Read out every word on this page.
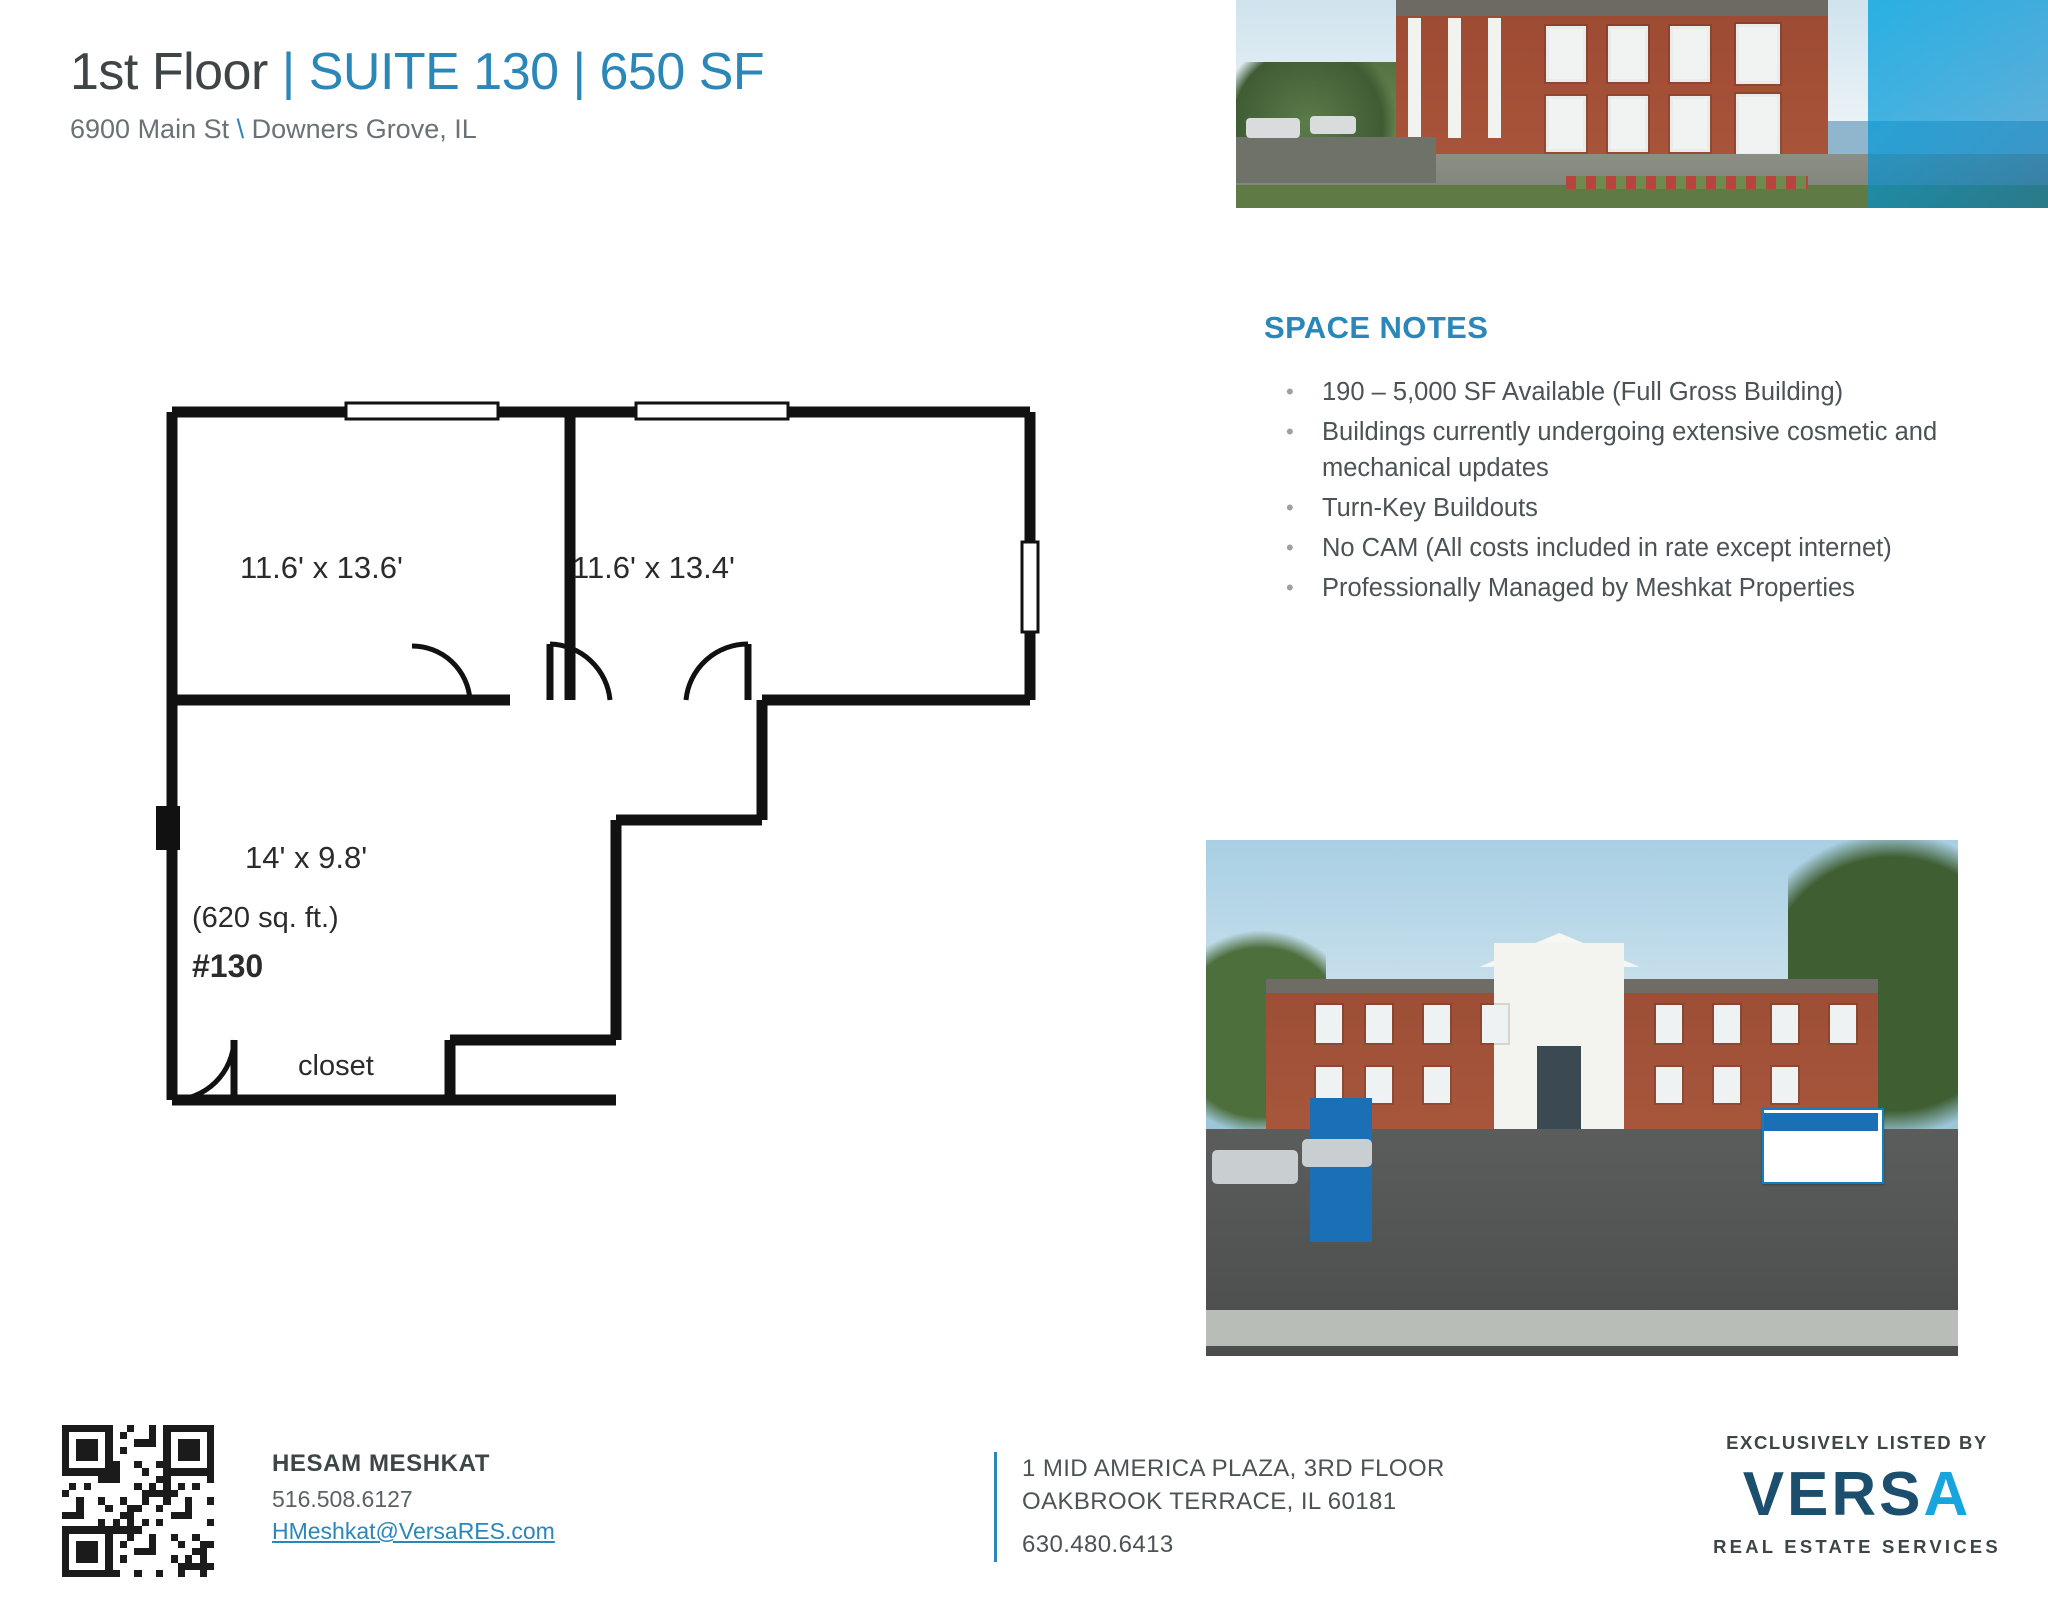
1st Floor | SUITE 130 | 650 SF
6900 Main St \ Downers Grove, IL
SPACE NOTES
• 190 – 5,000 SF Available (Full Gross Building)
• Buildings currently undergoing extensive cosmetic and mechanical updates
• Turn-Key Buildouts
• No CAM (All costs included in rate except internet)
• Professionally Managed by Meshkat Properties
11.6' x 13.6'	11.6' x 13.4'
14' x 9.8'
(620 sq. ft.)
#130
closet
HESAM MESHKAT
516.508.6127
HMeshkat@VersaRES.com
1 MID AMERICA PLAZA, 3RD FLOOR
OAKBROOK TERRACE, IL 60181
630.480.6413
EXCLUSIVELY LISTED BY
VERSA
REAL ESTATE SERVICES
